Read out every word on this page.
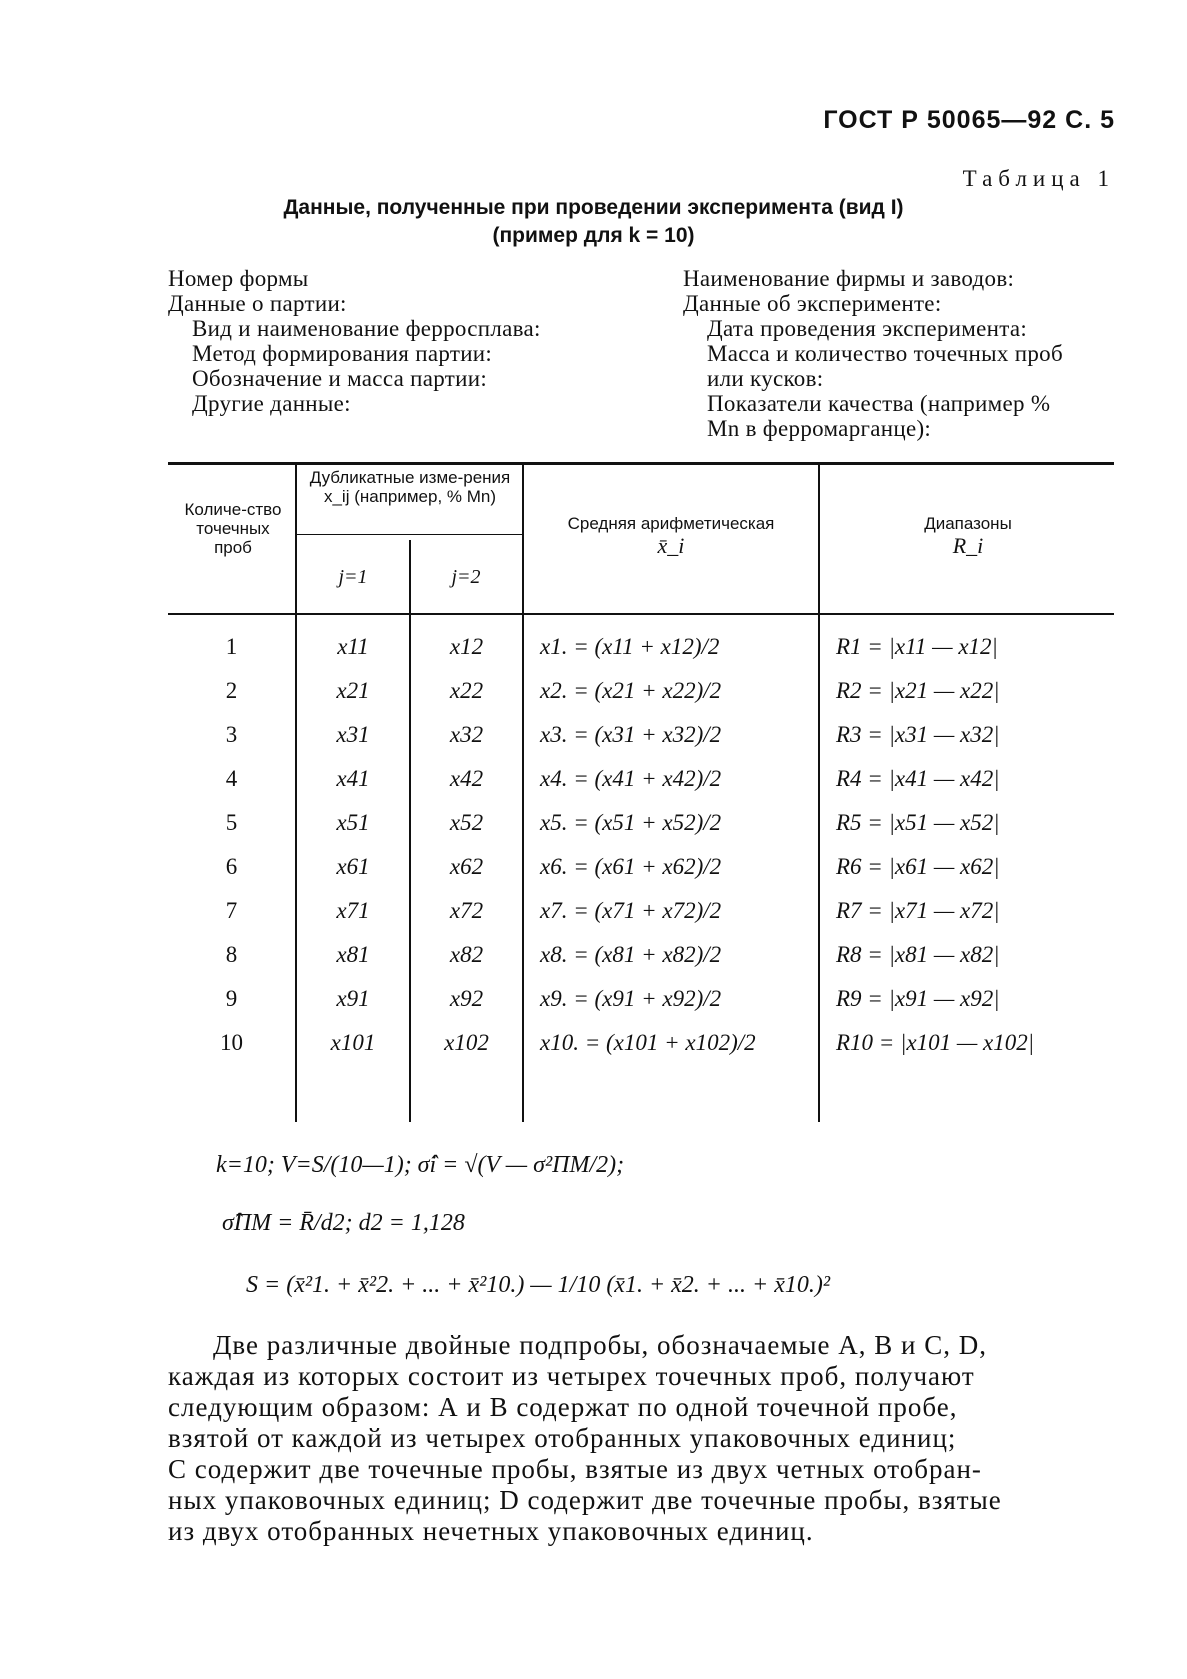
ГОСТ Р 50065—92 С. 5
Таблица 1
Данные, полученные при проведении эксперимента (вид I)
(пример для k = 10)
Номер формы
Данные о партии:
Вид и наименование ферросплава:
Метод формирования партии:
Обозначение и масса партии:
Другие данные:
Наименование фирмы и заводов:
Данные об эксперименте:
Дата проведения эксперимента:
Масса и количество точечных проб
или кусков:
Показатели качества (например %
Mn в ферромарганце):
Количе-ство точечных проб
Дубликатные изме-рения x_ij (например, % Mn)
j=1	j=2
Средняя арифметическая
x̄_i
Диапазоны
R_i
1	x11	x12	x1. = (x11 + x12)/2	R1 = |x11 — x12|
2	x21	x22	x2. = (x21 + x22)/2	R2 = |x21 — x22|
3	x31	x32	x3. = (x31 + x32)/2	R3 = |x31 — x32|
4	x41	x42	x4. = (x41 + x42)/2	R4 = |x41 — x42|
5	x51	x52	x5. = (x51 + x52)/2	R5 = |x51 — x52|
6	x61	x62	x6. = (x61 + x62)/2	R6 = |x61 — x62|
7	x71	x72	x7. = (x71 + x72)/2	R7 = |x71 — x72|
8	x81	x82	x8. = (x81 + x82)/2	R8 = |x81 — x82|
9	x91	x92	x9. = (x91 + x92)/2	R9 = |x91 — x92|
10	x101	x102	x10. = (x101 + x102)/2	R10 = |x101 — x102|
k=10; V=S/(10—1); σ̂i = √(V — σ²ПМ/2);
σ̂ПМ = R̄/d2; d2 = 1,128
S = (x̄²1. + x̄²2. + ... + x̄²10.) — 1/10 (x̄1. + x̄2. + ... + x̄10.)²
Две различные двойные подпробы, обозначаемые А, В и С, D,
каждая из которых состоит из четырех точечных проб, получают
следующим образом: А и В содержат по одной точечной пробе,
взятой от каждой из четырех отобранных упаковочных единиц;
С содержит две точечные пробы, взятые из двух четных отобран-
ных упаковочных единиц; D содержит две точечные пробы, взятые
из двух отобранных нечетных упаковочных единиц.
